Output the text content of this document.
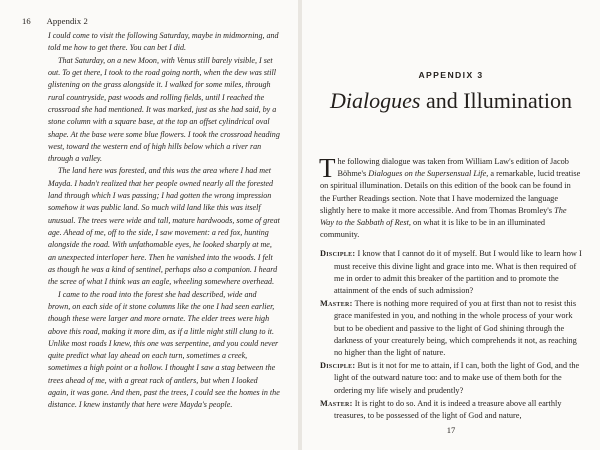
16 Appendix 2

I could come to visit the following Saturday, maybe in midmorning, and told me how to get there. You can bet I did.

That Saturday, on a new Moon, with Venus still barely visible, I set out. To get there, I took to the road going north, when the dew was still glistening on the grass alongside it. I walked for some miles, through rural countryside, past woods and rolling fields, until I reached the crossroad she had mentioned. It was marked, just as she had said, by a stone column with a square base, at the top an offset cylindrical oval shape. At the base were some blue flowers. I took the crossroad heading west, toward the western end of high hills below which a river ran through a valley.

The land here was forested, and this was the area where I had met Mayda. I hadn't realized that her people owned nearly all the forested land through which I was passing; I had gotten the wrong impression somehow it was public land. So much wild land like this was itself unusual. The trees were wide and tall, mature hardwoods, some of great age. Ahead of me, off to the side, I saw movement: a red fox, hunting alongside the road. With unfathomable eyes, he looked sharply at me, an unexpected interloper here. Then he vanished into the woods. I felt as though he was a kind of sentinel, perhaps also a companion. I heard the scree of what I think was an eagle, wheeling somewhere overhead.

I came to the road into the forest she had described, wide and brown, on each side of it stone columns like the one I had seen earlier, though these were larger and more ornate. The elder trees were high above this road, making it more dim, as if a little night still clung to it. Unlike most roads I knew, this one was serpentine, and you could never quite predict what lay ahead on each turn, sometimes a creek, sometimes a high point or a hollow. I thought I saw a stag between the trees ahead of me, with a great rack of antlers, but when I looked again, it was gone. And then, past the trees, I could see the homes in the distance. I knew instantly that here were Mayda's people.

APPENDIX 3
Dialogues and Illumination

The following dialogue was taken from William Law's edition of Jacob Böhme's Dialogues on the Supersensual Life, a remarkable, lucid treatise on spiritual illumination. Details on this edition of the book can be found in the Further Readings section. Note that I have modernized the language slightly here to make it more accessible. And from Thomas Bromley's The Way to the Sabbath of Rest, on what it is like to be in an illuminated community.

Disciple: I know that I cannot do it of myself. But I would like to learn how I must receive this divine light and grace into me. What is then required of me in order to admit this breaker of the partition and to promote the attainment of the ends of such admission?

Master: There is nothing more required of you at first than not to resist this grace manifested in you, and nothing in the whole process of your work but to be obedient and passive to the light of God shining through the darkness of your creaturely being, which comprehends it not, as reaching no higher than the light of nature.

Disciple: But is it not for me to attain, if I can, both the light of God, and the light of the outward nature too: and to make use of them both for the ordering my life wisely and prudently?

Master: It is right to do so. And it is indeed a treasure above all earthly treasures, to be possessed of the light of God and nature,

17
